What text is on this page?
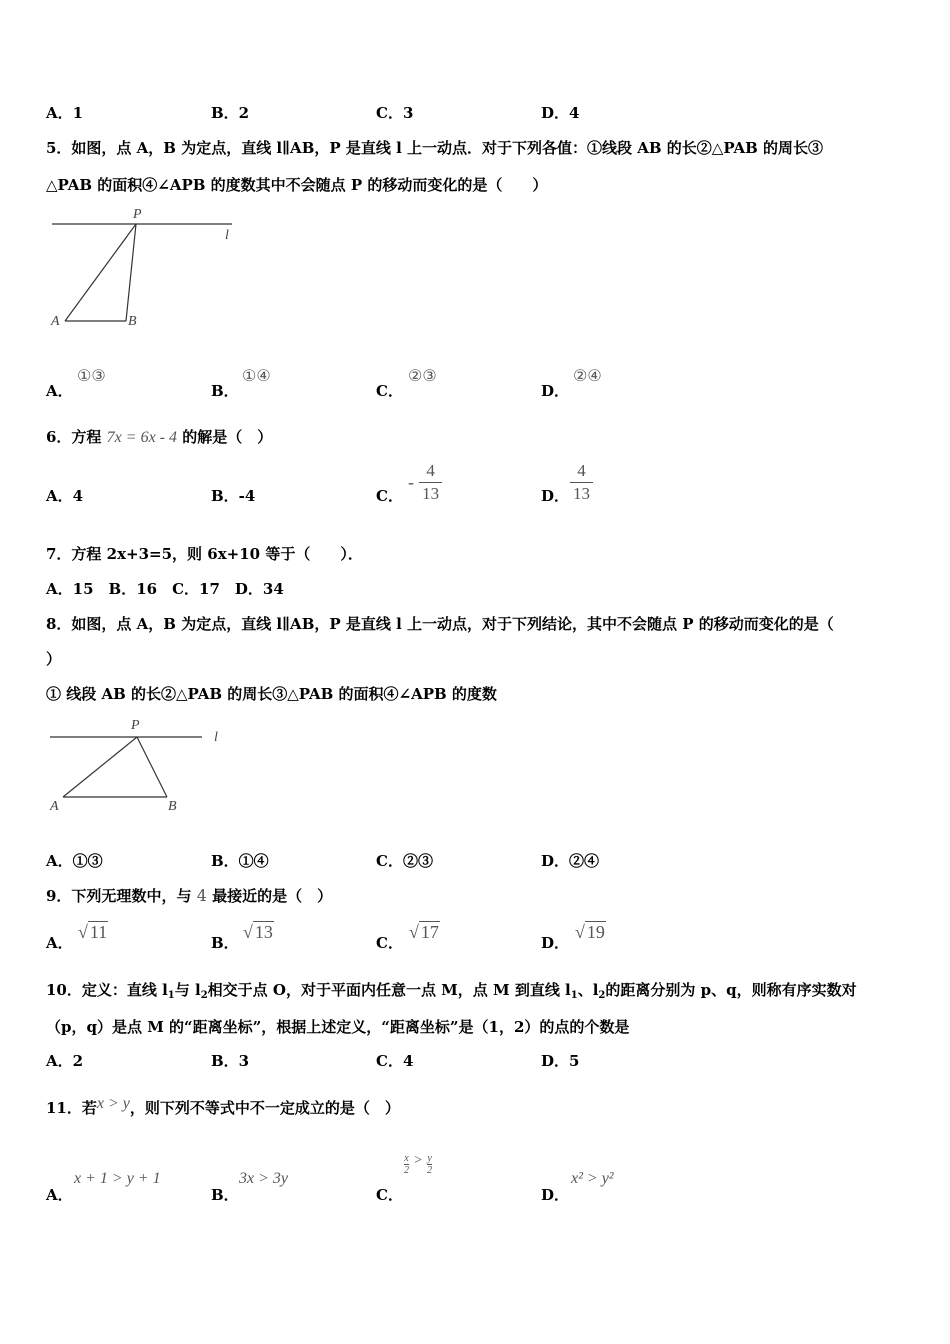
A．1	B．2	C．3	D．4
5．如图，点 A，B 为定点，直线 l∥AB，P 是直线 l 上一动点．对于下列各值：①线段 AB 的长②△PAB 的周长③
△PAB 的面积④∠APB 的度数其中不会随点 P 的移动而变化的是（　　）
P
l
A	B
A．
①③
B．
①④
C．
②③
D．
②④
6．方程 7x = 6x - 4 的解是（　）
A．4	B．-4	C．
- $\frac{4}{13}$	D． $\frac{4}{13}$
7．方程 2x+3=5，则 6x+10 等于（　　）．
A．15　B．16　C．17　D．34
8．如图，点 A，B 为定点，直线 l∥AB，P 是直线 l 上一动点，对于下列结论，其中不会随点 P 的移动而变化的是（
）
① 线段 AB 的长②△PAB 的周长③△PAB 的面积④∠APB 的度数
P
l
A	B
A．①③	B．①④	C．②③	D．②④
9．下列无理数中，与 4 最接近的是（　）
A．
√ 11
B．
√ 13
C．
√ 17
D．
√ 19
10．定义：直线 $l_1$与 $l_2$相交于点 O，对于平面内任意一点 M，点 M 到直线 $l_1$、$l_2$的距离分别为 p、q，则称有序实数对
（p，q）是点 M 的“距离坐标”，根据上述定义，“距离坐标”是（1，2）的点的个数是
A．2	B．3	C．4	D．5
11．若x > y，则下列不等式中不一定成立的是（　）
A．
x + 1 > y + 1
B．
3x > 3y
C．
$\frac{x}{2} > \frac{y}{2}$
D．
x² > y²
